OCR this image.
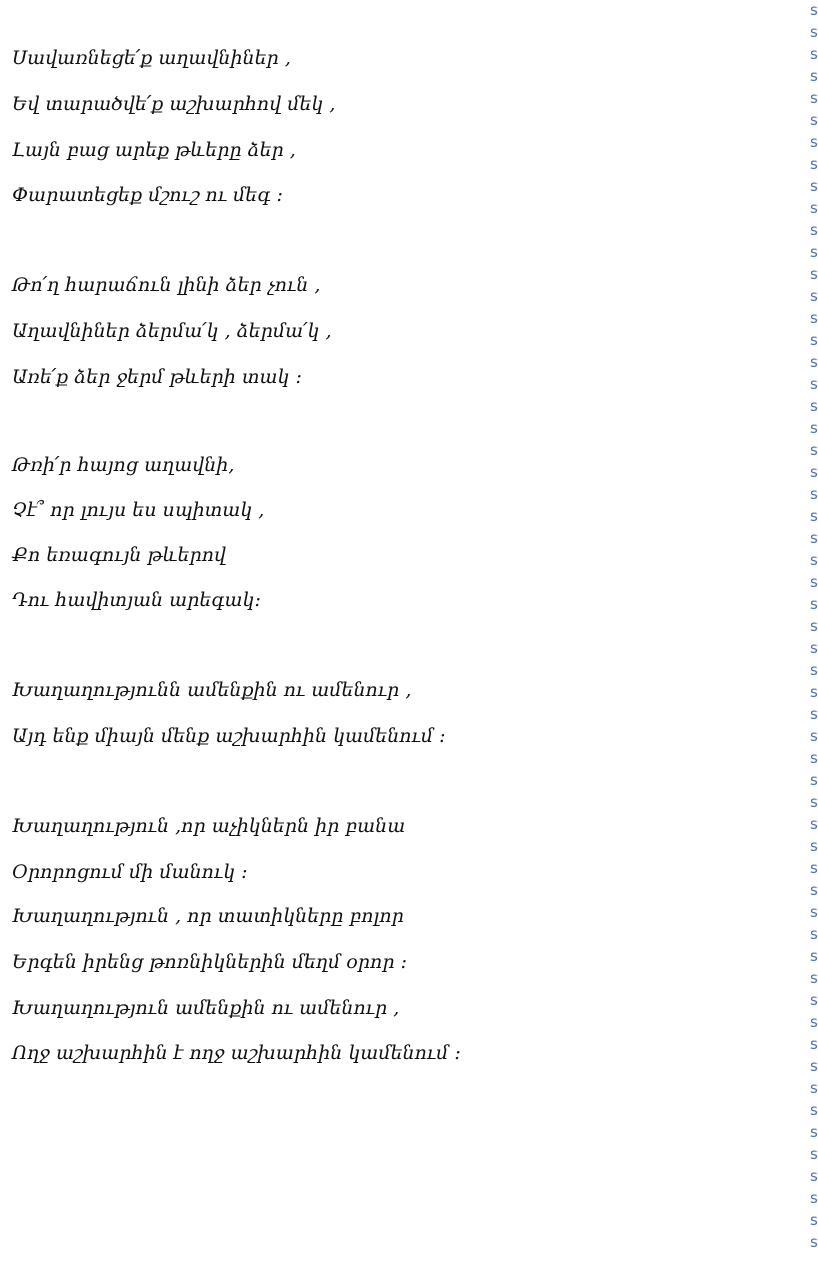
Սավառնեցե՛ք աղավնիներ ,
Եվ տարածվե՛ք աշխարհով մեկ ,
Լայն բաց արեք թևերը ձեր ,
Փարատեցեք մշուշ ու մեգ ։
Թո՛ղ հարաճուն լինի ձեր չուն ,
Աղավնիներ ձերմա՛կ , ձերմա՛կ ,
Առե՛ք ձեր ջերմ թևերի տակ ։
Թռի՛ր հայոց աղավնի,
Չէ՞ որ լույս ես սպիտակ ,
Քո եռագույն թևերով
Դու հավիտյան արեգակ։
Խաղաղությունն ամենքին ու ամենուր ,
Այդ ենք միայն մենք աշխարհին կամենում ։
Խաղաղություն ,որ աչիկներն իր բանա
Օրորոցում մի մանուկ ։
Խաղաղություն , որ տատիկները բոլոր
Երգեն իրենց թոռնիկներին մեղմ օրոր ։
Խաղաղություն ամենքին ու ամենուր ,
Ողջ աշխարհին է ողջ աշխարհին կամենում ։
s
s
s
s
s
s
s
s
s
s
s
s
s
s
s
s
s
s
s
s
s
s
s
s
s
s
s
s
s
s
s
s
s
s
s
s
s
s
s
s
s
s
s
s
s
s
s
s
s
s
s
s
s
s
s
s
s
